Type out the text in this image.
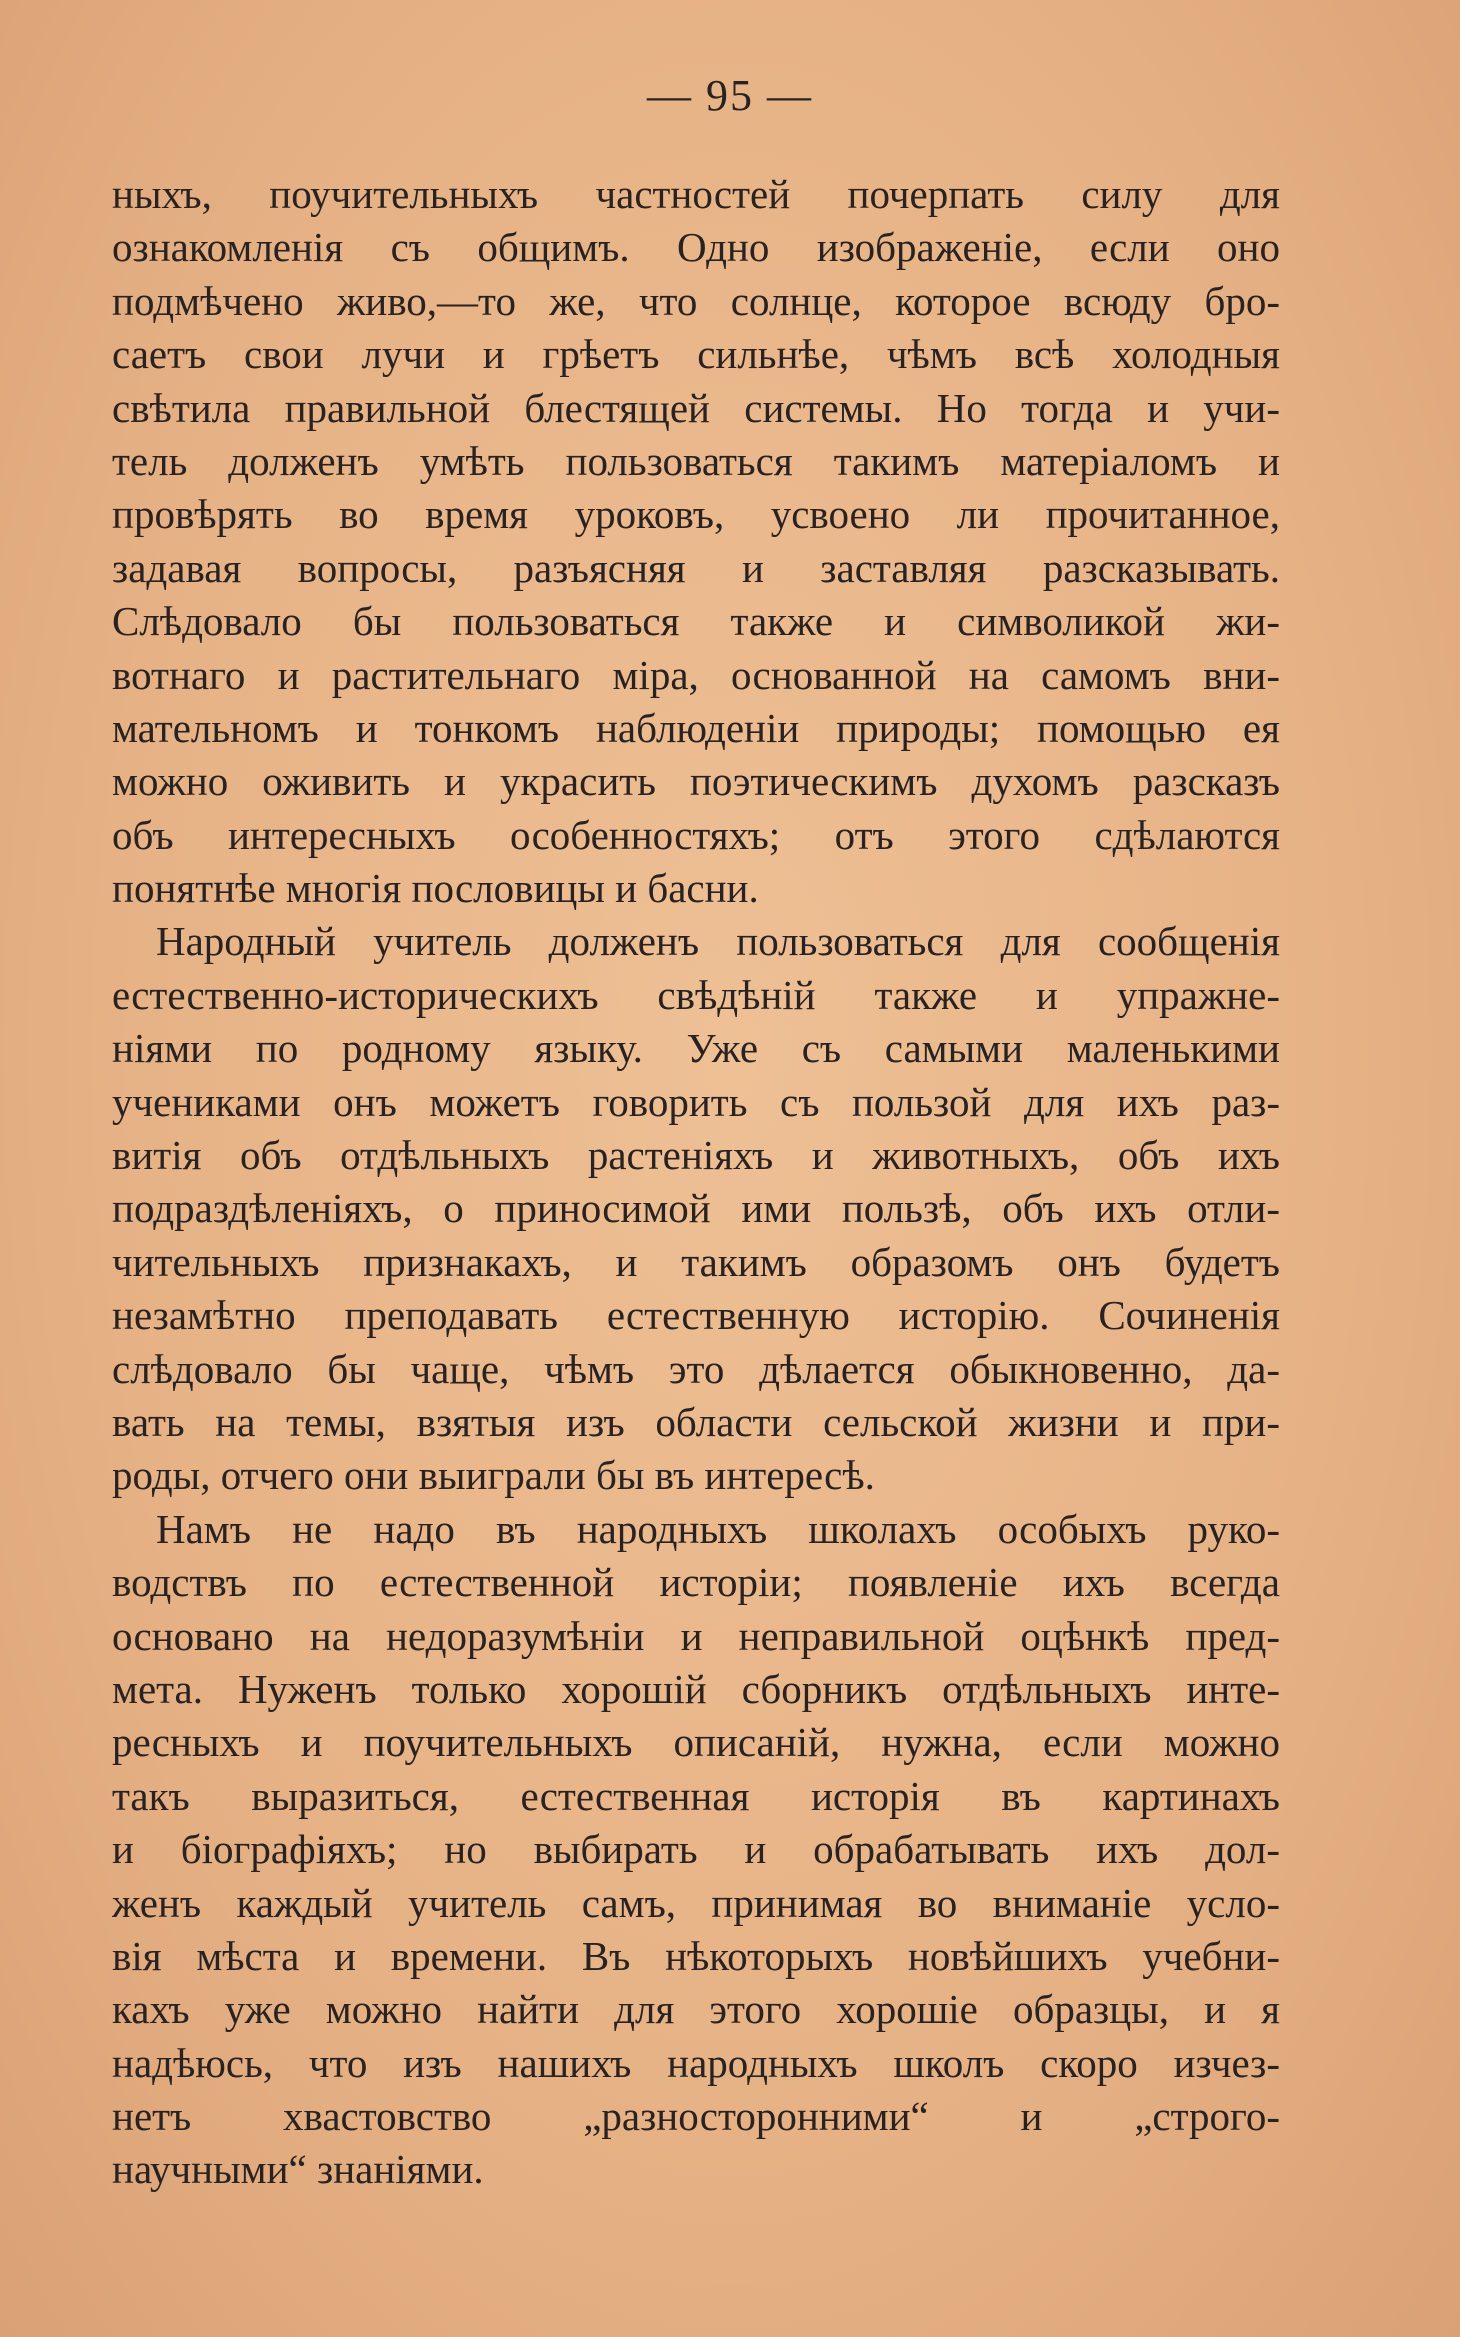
— 95 —
ныхъ, поучительныхъ частностей почерпать силу для
ознакомленія съ общимъ. Одно изображеніе, если оно
подмѣчено живо,—то же, что солнце, которое всюду бро-
саетъ свои лучи и грѣетъ сильнѣе, чѣмъ всѣ холодныя
свѣтила правильной блестящей системы. Но тогда и учи-
тель долженъ умѣть пользоваться такимъ матеріаломъ и
провѣрять во время уроковъ, усвоено ли прочитанное,
задавая вопросы, разъясняя и заставляя разсказывать.
Слѣдовало бы пользоваться также и символикой жи-
вотнаго и растительнаго міра, основанной на самомъ вни-
мательномъ и тонкомъ наблюденіи природы; помощью ея
можно оживить и украсить поэтическимъ духомъ разсказъ
объ интересныхъ особенностяхъ; отъ этого сдѣлаются
понятнѣе многія пословицы и басни.
Народный учитель долженъ пользоваться для сообщенія
естественно-историческихъ свѣдѣній также и упражне-
ніями по родному языку. Уже съ самыми маленькими
учениками онъ можетъ говорить съ пользой для ихъ раз-
витія объ отдѣльныхъ растеніяхъ и животныхъ, объ ихъ
подраздѣленіяхъ, о приносимой ими пользѣ, объ ихъ отли-
чительныхъ признакахъ, и такимъ образомъ онъ будетъ
незамѣтно преподавать естественную исторію. Сочиненія
слѣдовало бы чаще, чѣмъ это дѣлается обыкновенно, да-
вать на темы, взятыя изъ области сельской жизни и при-
роды, отчего они выиграли бы въ интересѣ.
Намъ не надо въ народныхъ школахъ особыхъ руко-
водствъ по естественной исторіи; появленіе ихъ всегда
основано на недоразумѣніи и неправильной оцѣнкѣ пред-
мета. Нуженъ только хорошій сборникъ отдѣльныхъ инте-
ресныхъ и поучительныхъ описаній, нужна, если можно
такъ выразиться, естественная исторія въ картинахъ
и біографіяхъ; но выбирать и обрабатывать ихъ дол-
женъ каждый учитель самъ, принимая во вниманіе усло-
вія мѣста и времени. Въ нѣкоторыхъ новѣйшихъ учебни-
кахъ уже можно найти для этого хорошіе образцы, и я
надѣюсь, что изъ нашихъ народныхъ школъ скоро изчез-
нетъ хвастовство „разносторонними“ и „строго-
научными“ знаніями.
